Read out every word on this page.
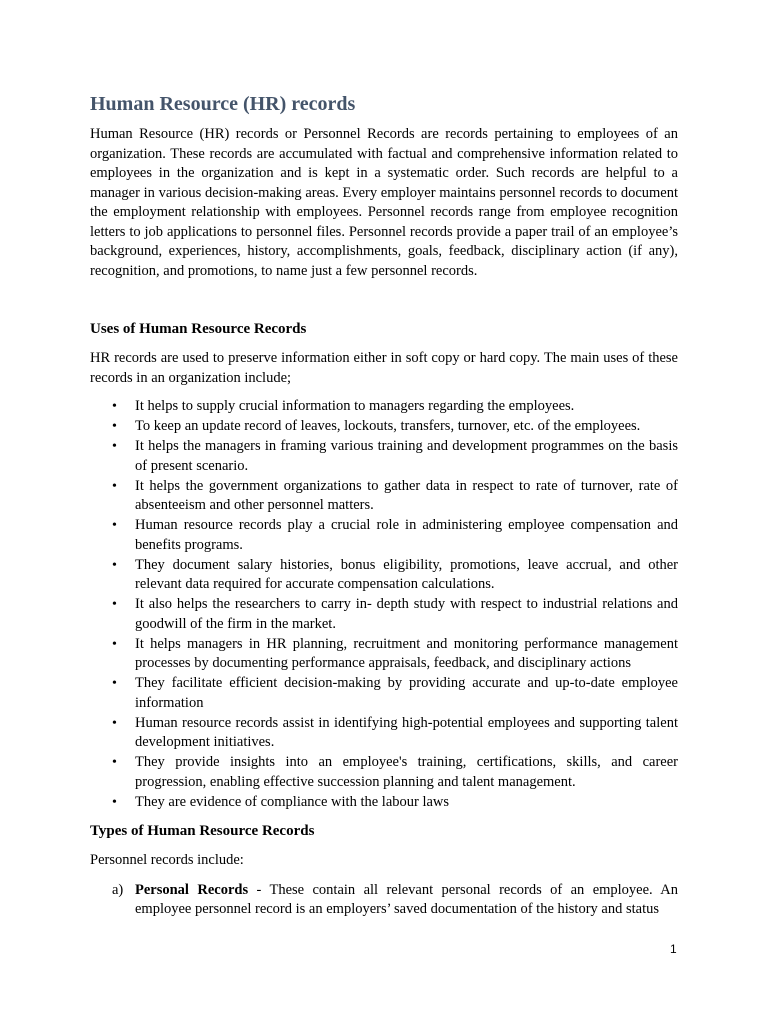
Human Resource (HR) records

Human Resource (HR) records or Personnel Records are records pertaining to employees of an organization. These records are accumulated with factual and comprehensive information related to employees in the organization and is kept in a systematic order. Such records are helpful to a manager in various decision-making areas. Every employer maintains personnel records to document the employment relationship with employees. Personnel records range from employee recognition letters to job applications to personnel files. Personnel records provide a paper trail of an employee’s background, experiences, history, accomplishments, goals, feedback, disciplinary action (if any), recognition, and promotions, to name just a few personnel records.

Uses of Human Resource Records

HR records are used to preserve information either in soft copy or hard copy. The main uses of these records in an organization include;

• It helps to supply crucial information to managers regarding the employees.
• To keep an update record of leaves, lockouts, transfers, turnover, etc. of the employees.
• It helps the managers in framing various training and development programmes on the basis of present scenario.
• It helps the government organizations to gather data in respect to rate of turnover, rate of absenteeism and other personnel matters.
• Human resource records play a crucial role in administering employee compensation and benefits programs.
• They document salary histories, bonus eligibility, promotions, leave accrual, and other relevant data required for accurate compensation calculations.
• It also helps the researchers to carry in- depth study with respect to industrial relations and goodwill of the firm in the market.
• It helps managers in HR planning, recruitment and monitoring performance management processes by documenting performance appraisals, feedback, and disciplinary actions
• They facilitate efficient decision-making by providing accurate and up-to-date employee information
• Human resource records assist in identifying high-potential employees and supporting talent development initiatives.
• They provide insights into an employee's training, certifications, skills, and career progression, enabling effective succession planning and talent management.
• They are evidence of compliance with the labour laws
Types of Human Resource Records

Personnel records include:

a) Personal Records - These contain all relevant personal records of an employee. An employee personnel record is an employers’ saved documentation of the history and status
1
